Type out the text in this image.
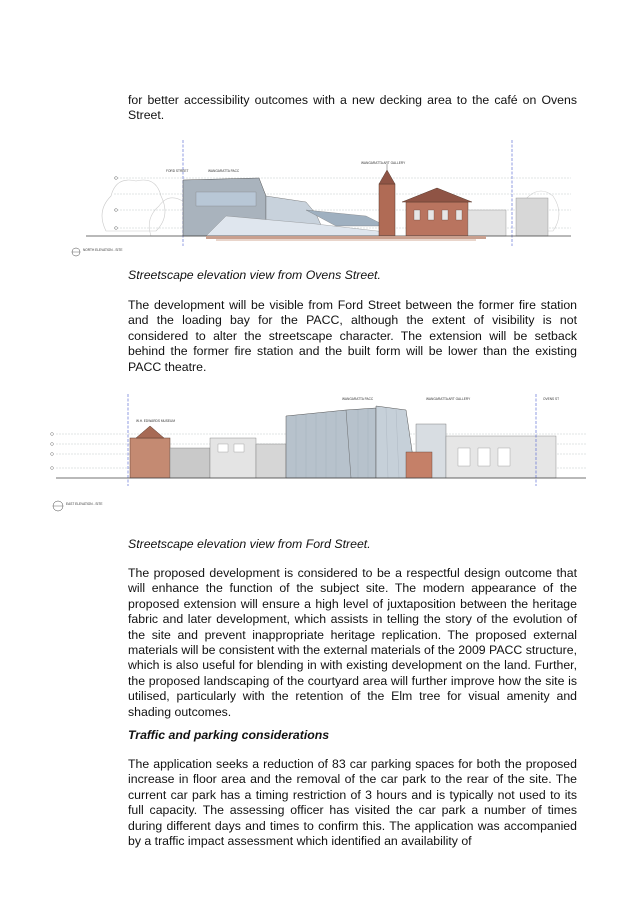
for better accessibility outcomes with a new decking area to the café on Ovens Street.

FORD STREET	WANGARATTA PACC
WANGARATTA ART GALLERY
NORTH ELEVATION - SITE

Streetscape elevation view from Ovens Street.

The development will be visible from Ford Street between the former fire station and the loading bay for the PACC, although the extent of visibility is not considered to alter the streetscape character. The extension will be setback behind the former fire station and the built form will be lower than the existing PACC theatre.

W.H. EDWARDS MUSEUM
WANGARATTA PACC	WANGARATTA ART GALLERY	OVENS ST
EAST ELEVATION - SITE

Streetscape elevation view from Ford Street.

The proposed development is considered to be a respectful design outcome that will enhance the function of the subject site. The modern appearance of the proposed extension will ensure a high level of juxtaposition between the heritage fabric and later development, which assists in telling the story of the evolution of the site and prevent inappropriate heritage replication. The proposed external materials will be consistent with the external materials of the 2009 PACC structure, which is also useful for blending in with existing development on the land. Further, the proposed landscaping of the courtyard area will further improve how the site is utilised, particularly with the retention of the Elm tree for visual amenity and shading outcomes.

Traffic and parking considerations

The application seeks a reduction of 83 car parking spaces for both the proposed increase in floor area and the removal of the car park to the rear of the site. The current car park has a timing restriction of 3 hours and is typically not used to its full capacity. The assessing officer has visited the car park a number of times during different days and times to confirm this. The application was accompanied by a traffic impact assessment which identified an availability of
